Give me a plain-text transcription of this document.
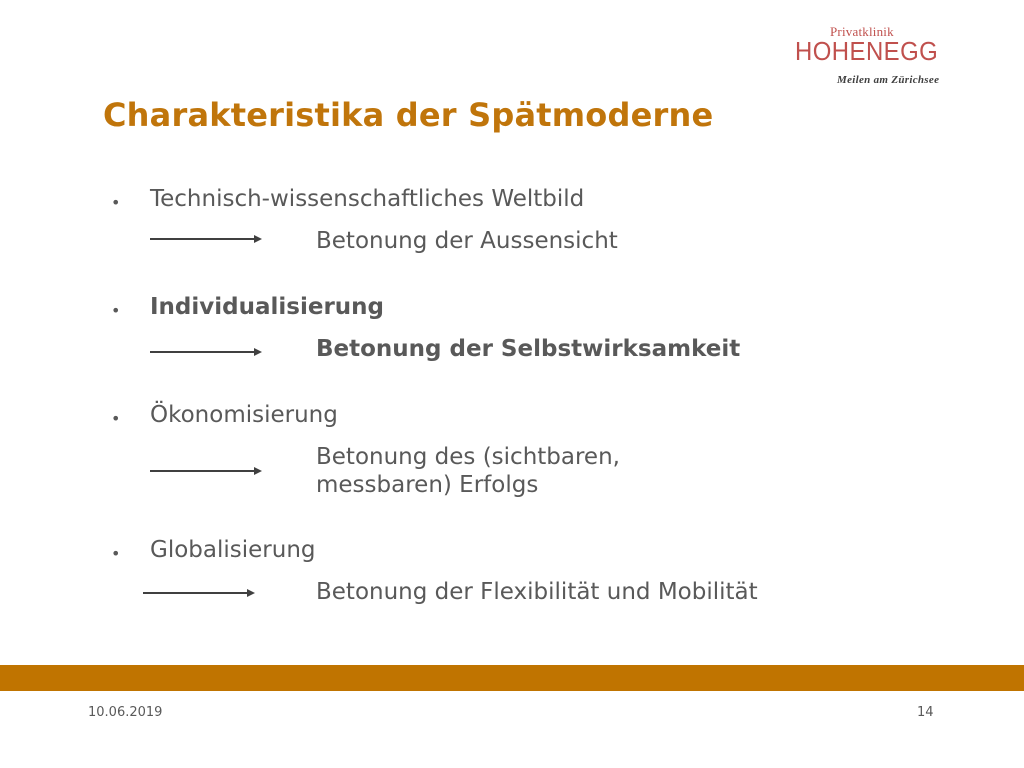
Privatklinik
HOHENEGG
Meilen am Zürichsee
Charakteristika der Spätmoderne
• Technisch-wissenschaftliches Weltbild
Betonung der Aussensicht
• Individualisierung
Betonung der Selbstwirksamkeit
• Ökonomisierung
Betonung des (sichtbaren,
messbaren) Erfolgs
• Globalisierung
Betonung der Flexibilität und Mobilität
10.06.2019	14
